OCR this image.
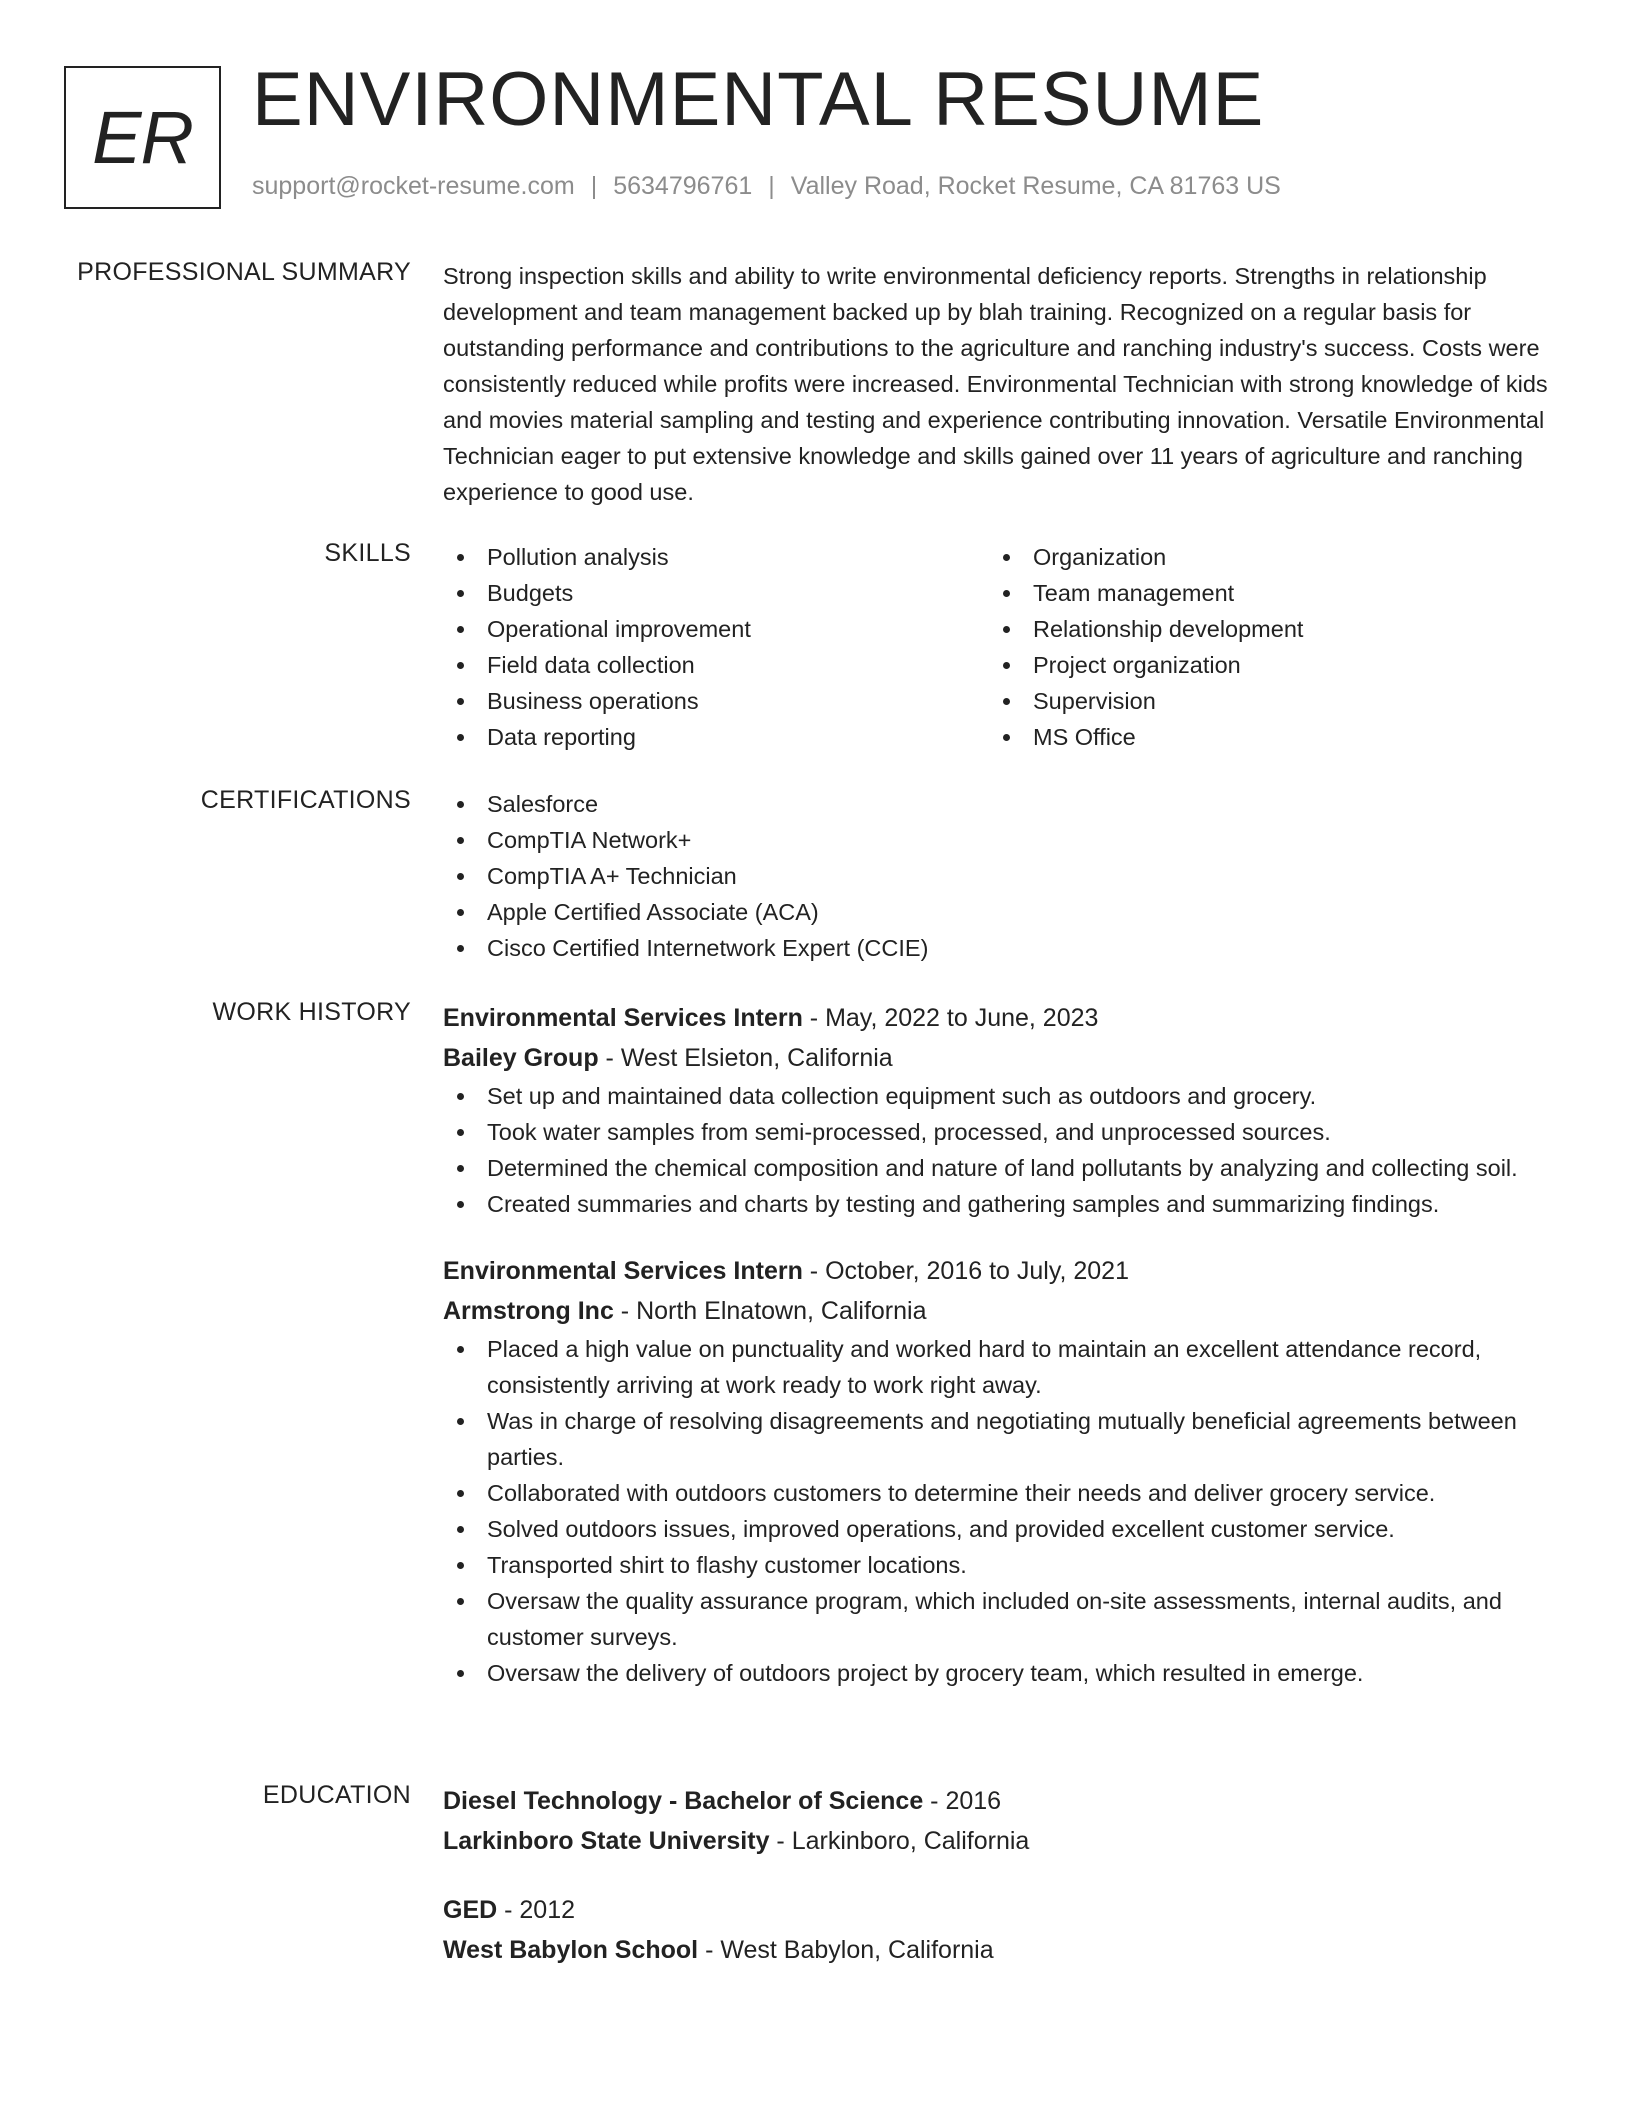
ER ENVIRONMENTAL RESUME
support@rocket-resume.com | 5634796761 | Valley Road, Rocket Resume, CA 81763 US
PROFESSIONAL SUMMARY Strong inspection skills and ability to write environmental deficiency reports. Strengths in relationship development and team management backed up by blah training. Recognized on a regular basis for outstanding performance and contributions to the agriculture and ranching industry's success. Costs were consistently reduced while profits were increased. Environmental Technician with strong knowledge of kids and movies material sampling and testing and experience contributing innovation. Versatile Environmental Technician eager to put extensive knowledge and skills gained over 11 years of agriculture and ranching experience to good use.

SKILLS	Pollution analysis
Budgets
Operational improvement
Field data collection
Business operations
Data reporting
Organization
Team management
Relationship development
Project organization
Supervision
MS Office
CERTIFICATIONS	Salesforce
CompTIA Network+
CompTIA A+ Technician
Apple Certified Associate (ACA)
Cisco Certified Internetwork Expert (CCIE)
WORK HISTORY Environmental Services Intern - May, 2022 to June, 2023
Bailey Group - West Elsieton, California
Set up and maintained data collection equipment such as outdoors and grocery.
Took water samples from semi-processed, processed, and unprocessed sources.
Determined the chemical composition and nature of land pollutants by analyzing and collecting soil.
Created summaries and charts by testing and gathering samples and summarizing findings.
Environmental Services Intern - October, 2016 to July, 2021
Armstrong Inc - North Elnatown, California
Placed a high value on punctuality and worked hard to maintain an excellent attendance record, consistently arriving at work ready to work right away.
Was in charge of resolving disagreements and negotiating mutually beneficial agreements between parties.
Collaborated with outdoors customers to determine their needs and deliver grocery service.
Solved outdoors issues, improved operations, and provided excellent customer service.
Transported shirt to flashy customer locations.
Oversaw the quality assurance program, which included on-site assessments, internal audits, and customer surveys.
Oversaw the delivery of outdoors project by grocery team, which resulted in emerge.
EDUCATION Diesel Technology - Bachelor of Science - 2016
Larkinboro State University - Larkinboro, California
GED - 2012
West Babylon School - West Babylon, California
